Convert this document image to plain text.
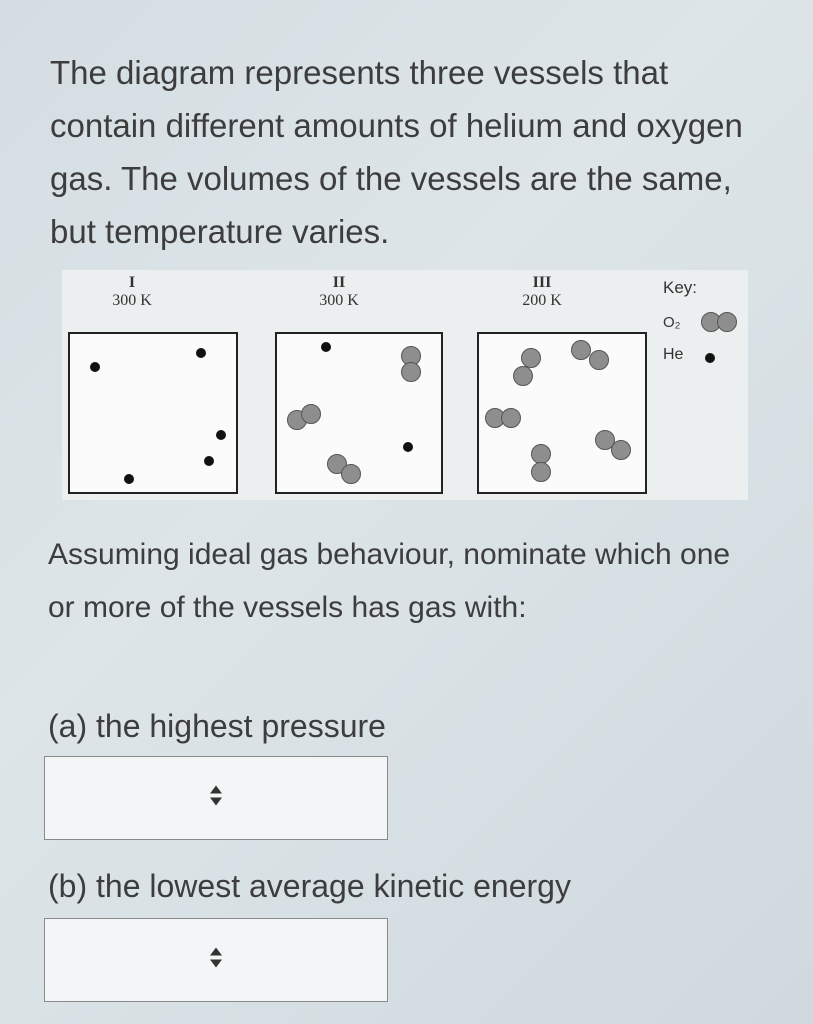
The diagram represents three vessels that contain different amounts of helium and oxygen gas. The volumes of the vessels are the same, but temperature varies.
I
300 K
II
300 K
III
200 K
Key:
O₂
He
Assuming ideal gas behaviour, nominate which one or more of the vessels has gas with:
(a) the highest pressure
(b) the lowest average kinetic energy
